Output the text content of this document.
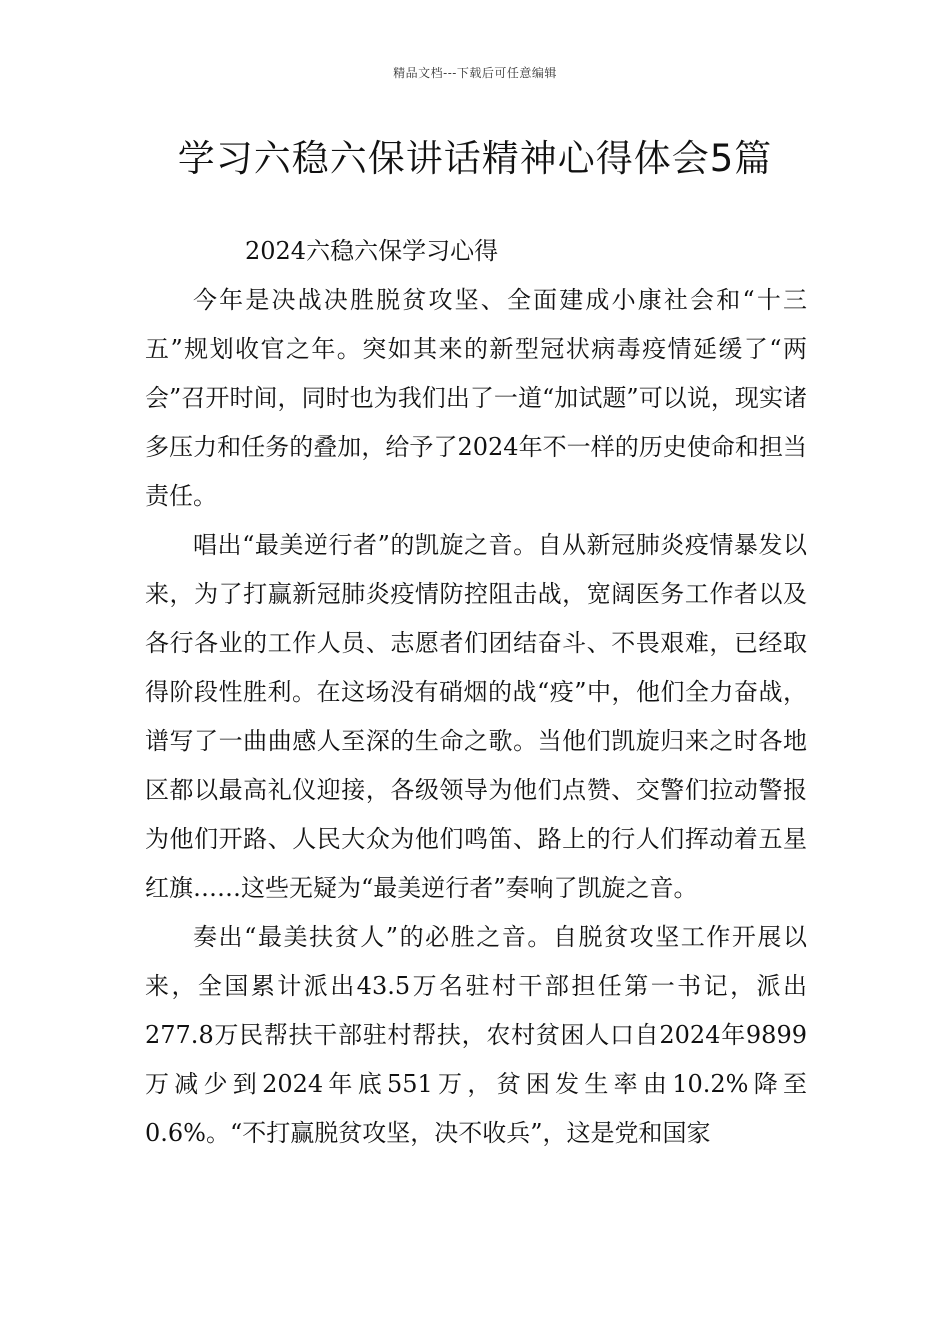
精品文档---下载后可任意编辑
学习六稳六保讲话精神心得体会5篇

2024六稳六保学习心得

今年是决战决胜脱贫攻坚、全面建成小康社会和“十三五”规划收官之年。突如其来的新型冠状病毒疫情延缓了“两会”召开时间，同时也为我们出了一道“加试题”可以说，现实诸多压力和任务的叠加，给予了2024年不一样的历史使命和担当责任。

唱出“最美逆行者”的凯旋之音。自从新冠肺炎疫情暴发以来，为了打赢新冠肺炎疫情防控阻击战，宽阔医务工作者以及各行各业的工作人员、志愿者们团结奋斗、不畏艰难，已经取得阶段性胜利。在这场没有硝烟的战“疫”中，他们全力奋战，谱写了一曲曲感人至深的生命之歌。当他们凯旋归来之时各地区都以最高礼仪迎接，各级领导为他们点赞、交警们拉动警报为他们开路、人民大众为他们鸣笛、路上的行人们挥动着五星红旗……这些无疑为“最美逆行者”奏响了凯旋之音。

奏出“最美扶贫人”的必胜之音。自脱贫攻坚工作开展以来，全国累计派出43.5万名驻村干部担任第一书记，派出277.8万民帮扶干部驻村帮扶，农村贫困人口自2024年9899万减少到2024年底551万，贫困发生率由10.2%降至0.6%。“不打赢脱贫攻坚，决不收兵”，这是党和国家
